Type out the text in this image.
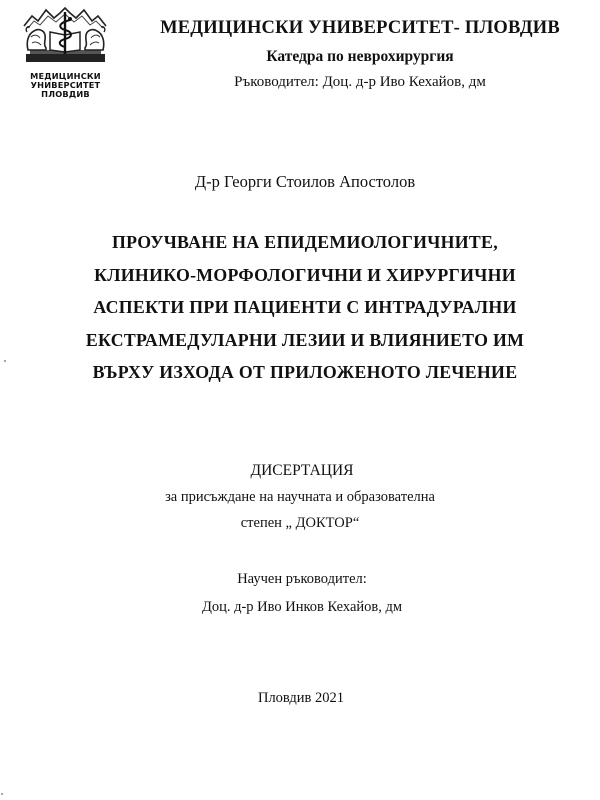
МЕДИЦИНСКИ
УНИВЕРСИТЕТ
ПЛОВДИВ
МЕДИЦИНСКИ УНИВЕРСИТЕТ- ПЛОВДИВ
Катедра по неврохирургия
Ръководител: Доц. д-р Иво Кехайов, дм
Д-р Георги Стоилов Апостолов
ПРОУЧВАНЕ НА ЕПИДЕМИОЛОГИЧНИТЕ,
КЛИНИКО-МОРФОЛОГИЧНИ И ХИРУРГИЧНИ
АСПЕКТИ ПРИ ПАЦИЕНТИ С ИНТРАДУРАЛНИ
ЕКСТРАМЕДУЛАРНИ ЛЕЗИИ И ВЛИЯНИЕТО ИМ
ВЪРХУ ИЗХОДА ОТ ПРИЛОЖЕНОТО ЛЕЧЕНИЕ
ДИСЕРТАЦИЯ
за присъждане на научната и образователна
степен „ ДОКТОР“
Научен ръководител:
Доц. д-р Иво Инков Кехайов, дм
Пловдив 2021
